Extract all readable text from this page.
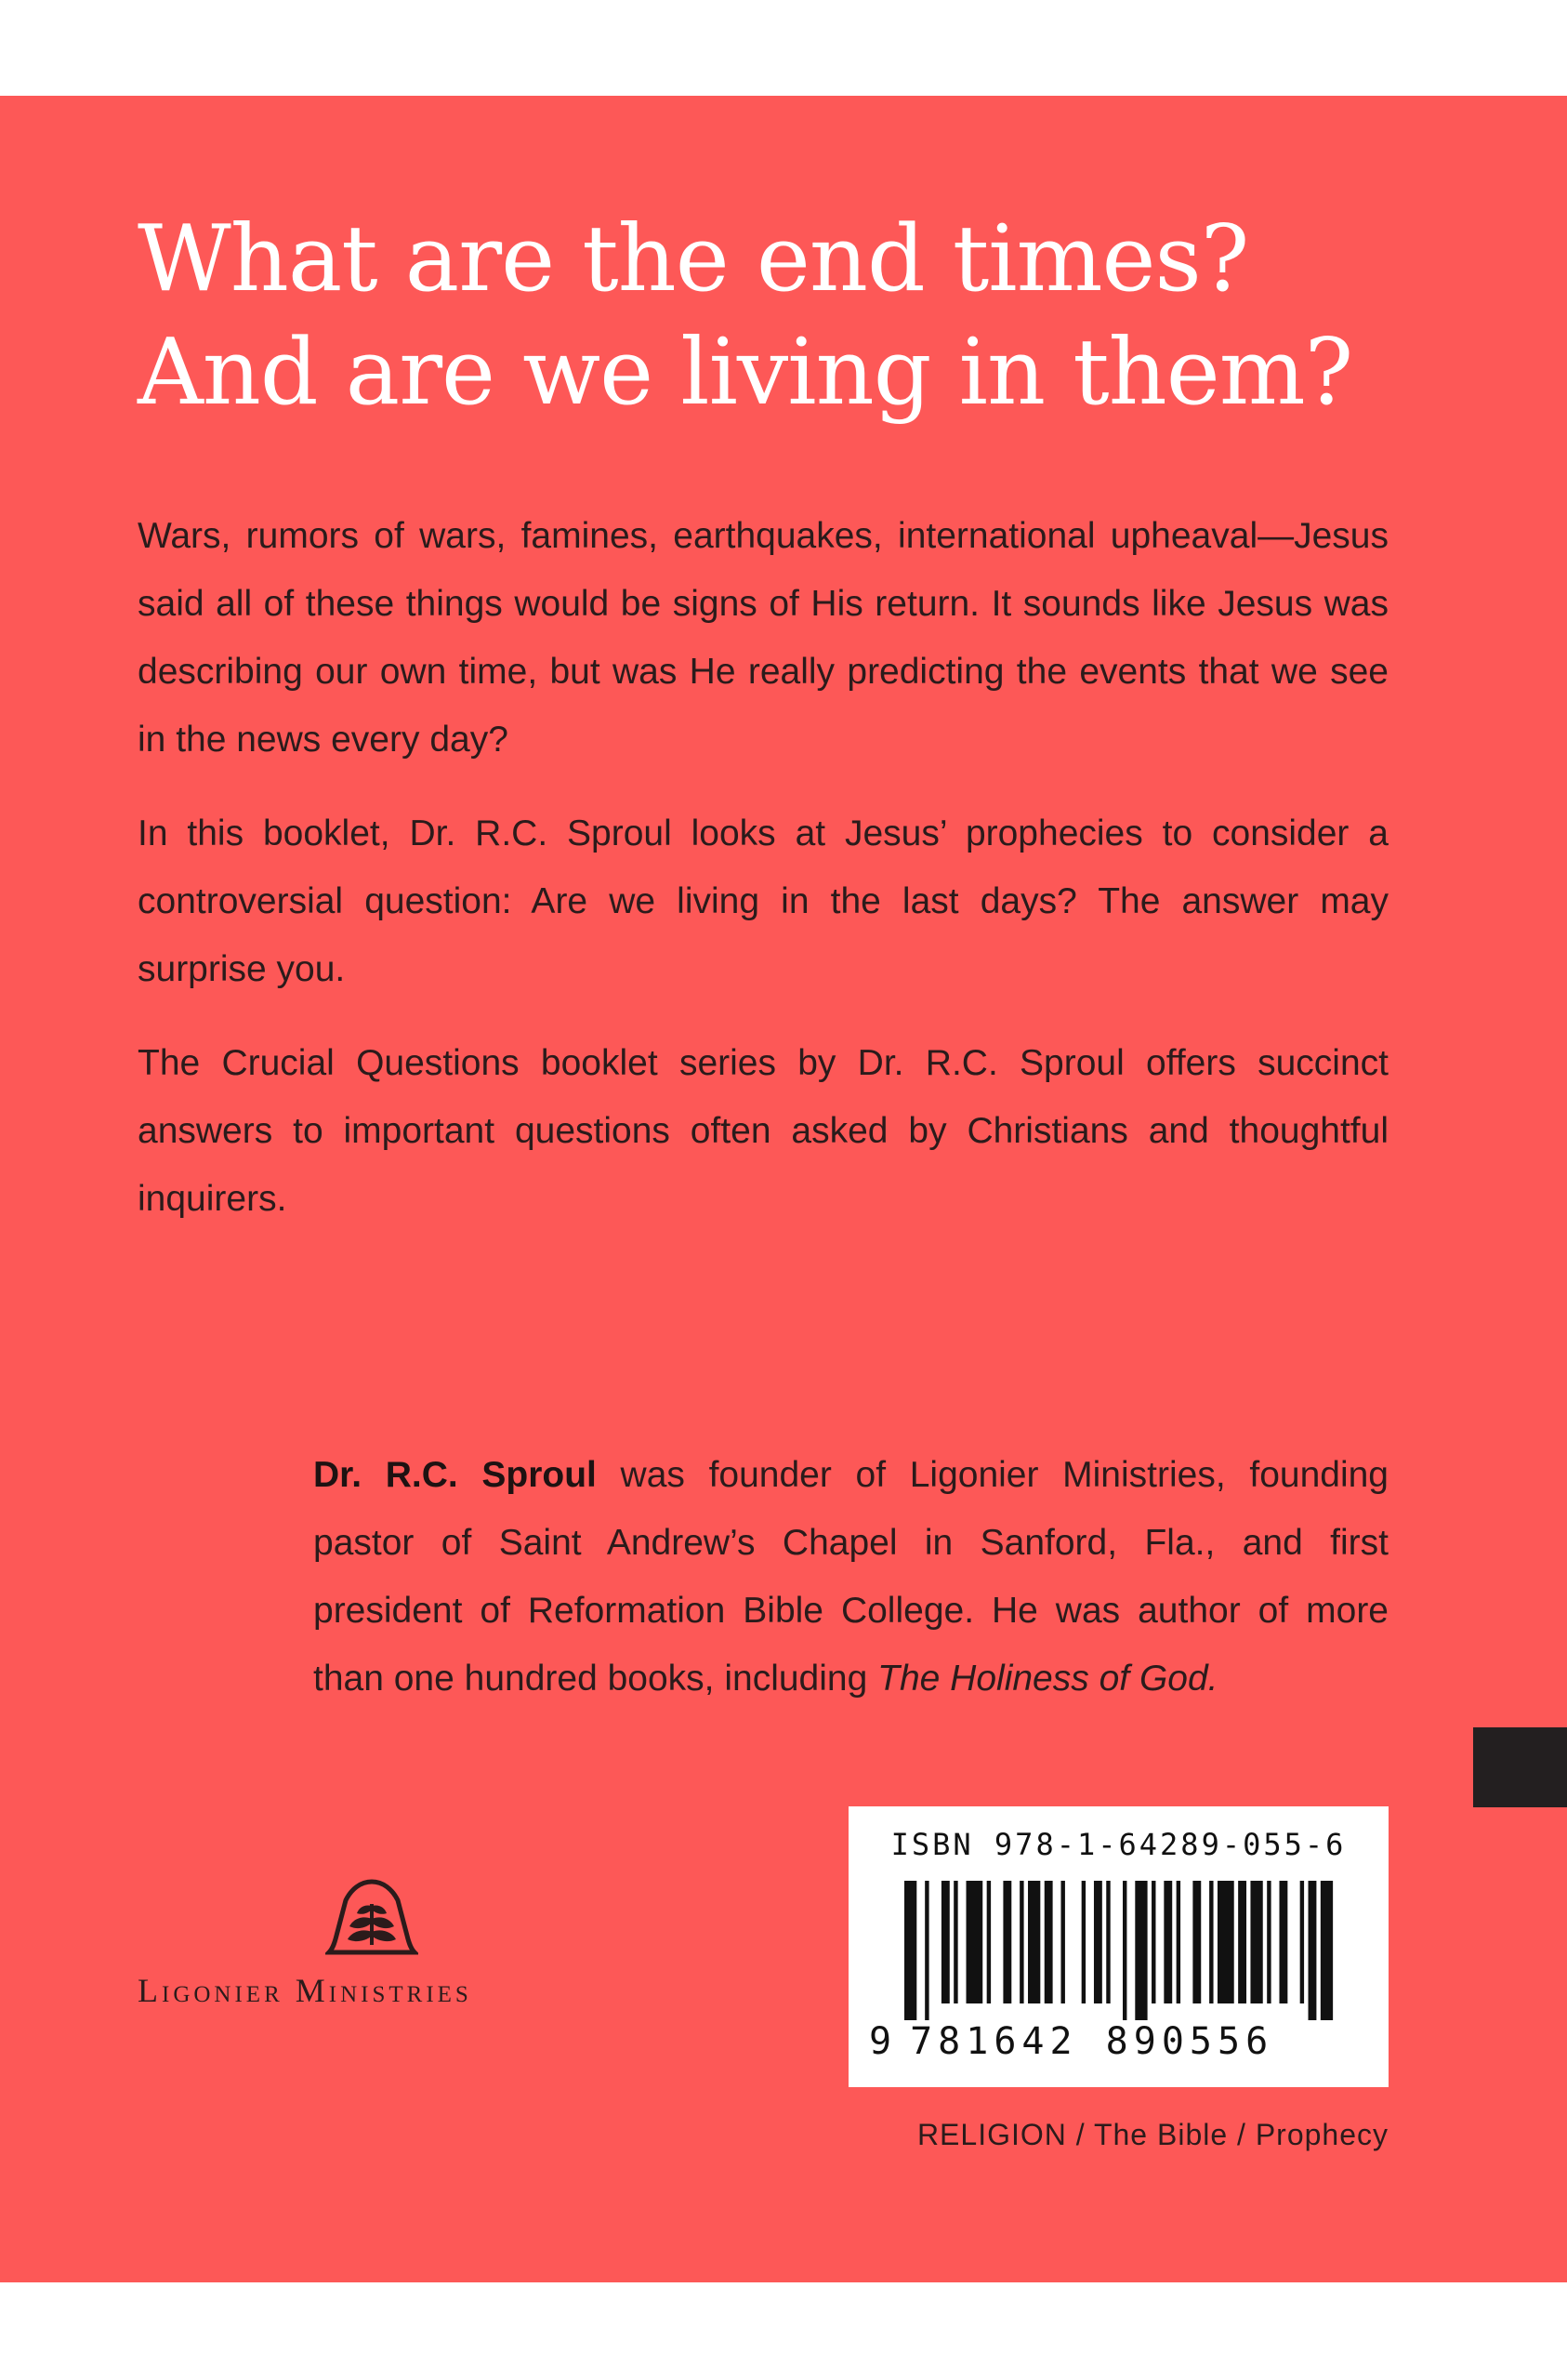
What are the end times?
And are we living in them?

Wars, rumors of wars, famines, earthquakes, international upheaval—Jesus said all of these things would be signs of His return. It sounds like Jesus was describing our own time, but was He really predicting the events that we see in the news every day?

In this booklet, Dr. R.C. Sproul looks at Jesus’ prophecies to consider a controversial question: Are we living in the last days? The answer may surprise you.

The Crucial Questions booklet series by Dr. R.C. Sproul offers succinct answers to important questions often asked by Christians and thoughtful inquirers.

Dr. R.C. Sproul was founder of Ligonier Ministries, founding pastor of Saint Andrew’s Chapel in Sanford, Fla., and first president of Reformation Bible College. He was author of more than one hundred books, including The Holiness of God.

Ligonier Ministries
ISBN 978-1-64289-055-6
9 781642 890556
RELIGION / The Bible / Prophecy
